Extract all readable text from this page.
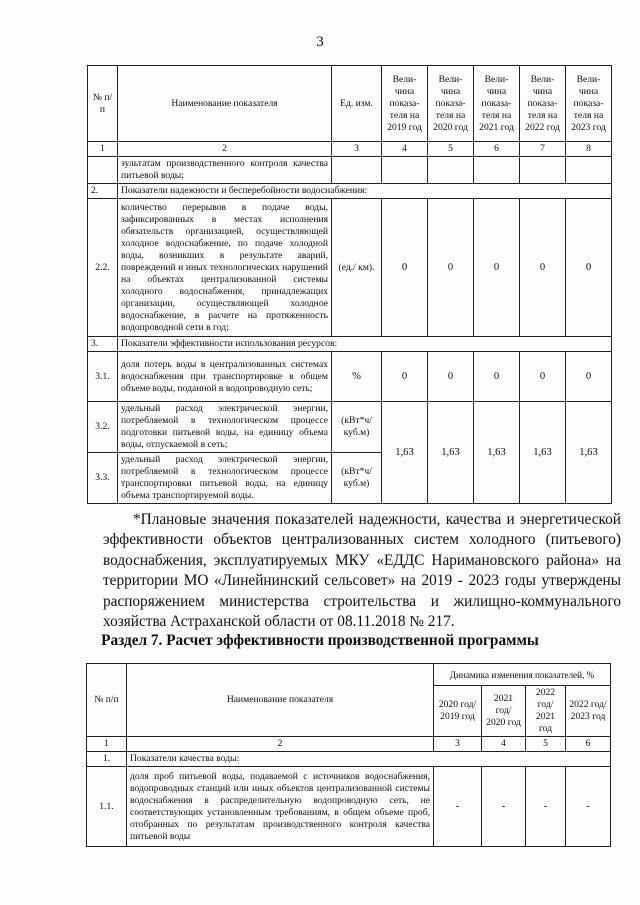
3
№ п/п	Наименование показателя	Ед. изм.	Вели-чина показа-теля на 2019 год	Вели-чина показа-теля на 2020 год	Вели-чина показа-теля на 2021 год	Вели-чина показа-теля на 2022 год	Вели-чина показа-теля на 2023 год
1	2	3	4	5	6	7	8
	зультатам производственного контроля качества питьевой воды;						
2.	Показатели надежности и бесперебойности водоснабжения:						
2.2.	количество перерывов в подаче воды, зафиксированных в местах исполнения обязательств организацией, осуществляющей холодное водоснабжение, по подаче холодной воды, возникших в результате аварий, повреждений и иных технологических нарушений на объектах централизованной системы холодного водоснабжения, принадлежащих организации, осуществляющей холодное водоснабжение, в расчете на протяженность водопроводной сети в год;	(ед./ км).	0	0	0	0	0
3.	Показатели эффективности использования ресурсов:						
3.1.	доля потерь воды в централизованных системах водоснабжения при транспортировке в общем объеме воды, поданной в водопроводную сеть;	%	0	0	0	0	0
3.2.	удельный расход электрической энергии, потребляемой в технологическом процессе подготовки питьевой воды, на единицу объема воды, отпускаемой в сеть;	(кВт*ч/ куб.м)	1,63	1,63	1,63	1,63	1,63
3.3.	удельный расход электрической энергии, потребляемой в технологическом процессе транспортировки питьевой воды, на единицу объема транспортируемой воды.	(кВт*ч/ куб.м)					
*Плановые значения показателей надежности, качества и энергетической эффективности объектов централизованных систем холодного (питьевого) водоснабжения, эксплуатируемых МКУ «ЕДДС Наримановского района» на территории МО «Линейнинский сельсовет» на 2019 - 2023 годы утверждены распоряжением министерства строительства и жилищно-коммунального хозяйства Астраханской области от 08.11.2018 № 217.
Раздел 7. Расчет эффективности производственной программы
№ п/п	Наименование показателя	Динамика изменения показателей, %			
		2020 год/ 2019 год	2021 год/ 2020 год	2022 год/ 2021 год	2022 год/ 2023 год
1	2	3	4	5	6
1.	Показатели качества воды:				
1.1.	доля проб питьевой воды, подаваемой с источников водоснабжения, водопроводных станций или иных объектов централизованной системы водоснабжения в распределительную водопроводную сеть, не соответствующих установленным требованиям, в общем объеме проб, отобранных по результатам производственного контроля качества питьевой воды	-	-	-	-
